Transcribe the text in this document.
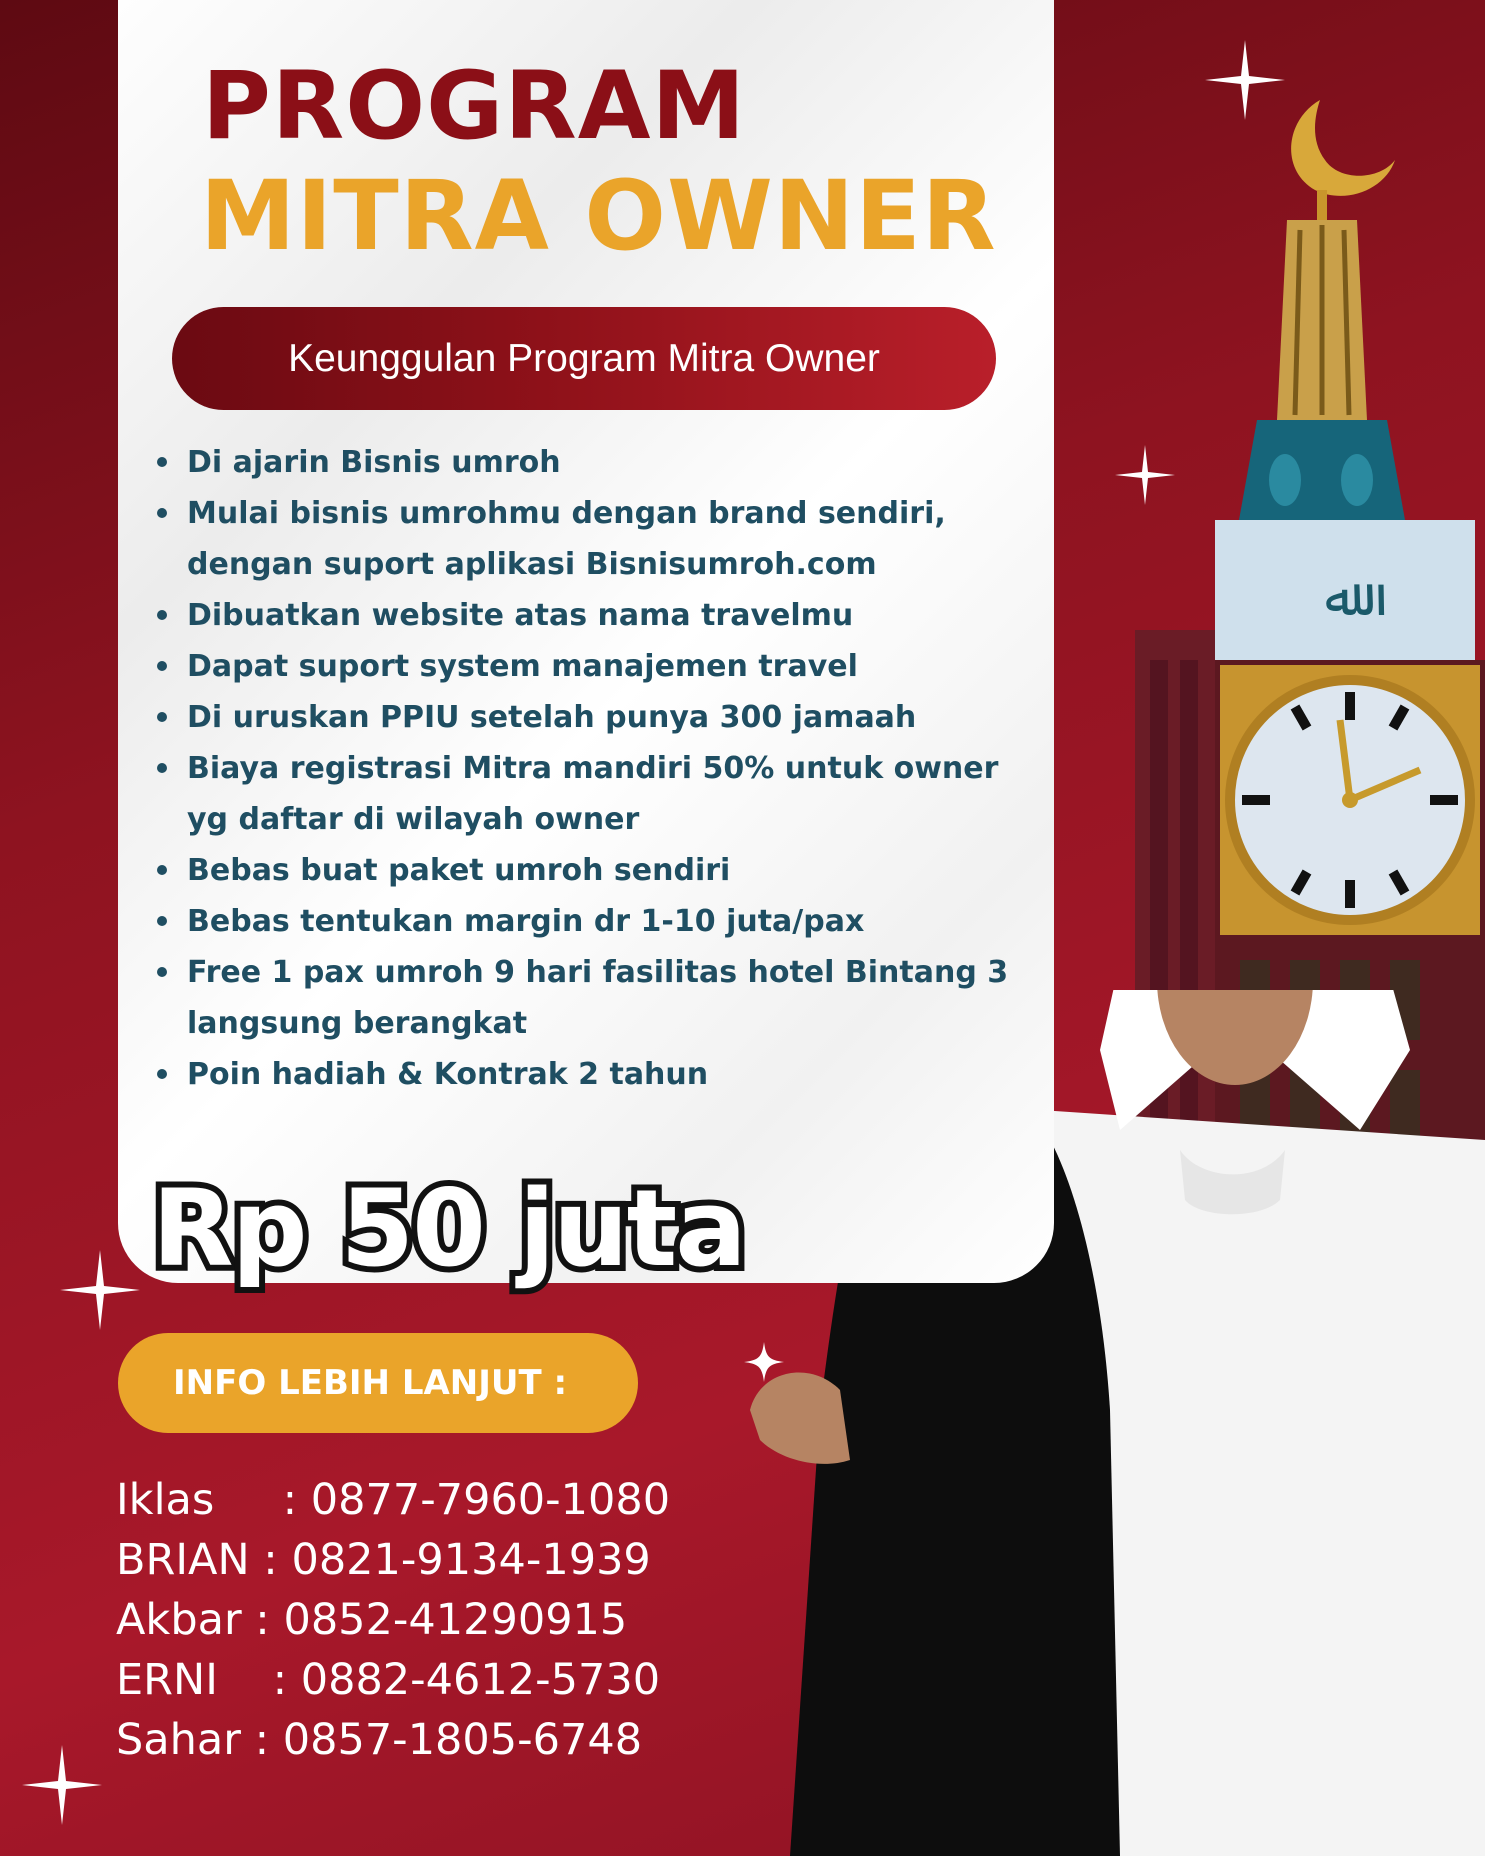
ﷲ
PROGRAM
MITRA OWNER
Keunggulan Program Mitra Owner
Di ajarin Bisnis umroh
Mulai bisnis umrohmu dengan brand sendiri, dengan suport aplikasi Bisnisumroh.com
Dibuatkan website atas nama travelmu
Dapat suport system manajemen travel
Di uruskan PPIU setelah punya 300 jamaah
Biaya registrasi Mitra mandiri 50% untuk owner yg daftar di wilayah owner
Bebas buat paket umroh sendiri
Bebas tentukan margin dr 1-10 juta/pax
Free 1 pax umroh 9 hari fasilitas hotel Bintang 3 langsung berangkat
Poin hadiah & Kontrak 2 tahun
Rp 50 juta
INFO LEBIH LANJUT :
Iklas     : 0877-7960-1080
BRIAN : 0821-9134-1939
Akbar : 0852-41290915
ERNI    : 0882-4612-5730
Sahar : 0857-1805-6748
